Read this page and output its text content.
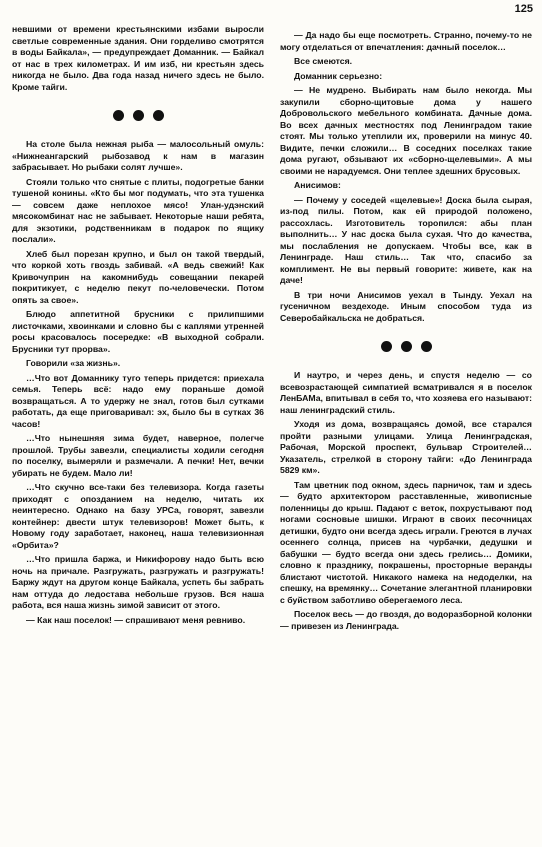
125

невшими от времени крестьянскими избами выросли светлые современные здания. Они горделиво смотрятся в воды Байкала», — предупреждает Доманник. — Байкал от нас в трех километрах. И им изб, ни крестьян здесь никогда не было. Два года назад ничего здесь не было. Кроме тайги.

На столе была нежная рыба — малосольный омуль: «Нижнеангарский рыбозавод к нам в магазин забрасывает. Но рыбаки солят лучше».

Стояли только что снятые с плиты, подогретые банки тушеной конины. «Кто бы мог подумать, что эта тушенка — совсем даже неплохое мясо! Улан-удэнский мясокомбинат нас не забывает. Некоторые наши ребята, для экзотики, родственникам в подарок по ящику послали».

Хлеб был порезан крупно, и был он такой твердый, что коркой хоть гвоздь забивай. «А ведь свежий! Как Кривочуприн на какомнибудь совещании пекарей покритикует, с неделю пекут по-человечески. Потом опять за свое».

Блюдо аппетитной брусники с прилипшими листочками, хвоинками и словно бы с каплями утренней росы красовалось посередке: «В выходной собрали. Брусники тут прорва».

Говорили «за жизнь».

…Что вот Доманнику туго теперь придется: приехала семья. Теперь всё: надо ему пораньше домой возвращаться. А то удержу не знал, готов был сутками работать, да еще приговаривал: эх, было бы в сутках 36 часов!

…Что нынешняя зима будет, наверное, полегче прошлой. Трубы завезли, специалисты ходили сегодня по поселку, вымеряли и размечали. А печки! Нет, вечки убирать не будем. Мало ли!

…Что скучно все-таки без телевизора. Когда газеты приходят с опозданием на неделю, читать их неинтересно. Однако на базу УРСа, говорят, завезли контейнер: двести штук телевизоров! Может быть, к Новому году заработает, наконец, наша телевизионная «Орбита»?

…Что пришла баржа, и Никифорову надо быть всю ночь на причале. Разгружать, разгружать и разгружать! Баржу ждут на другом конце Байкала, успеть бы забрать нам оттуда до ледостава небольше грузов. Вся наша работа, вся наша жизнь зимой зависит от этого.

— Как наш поселок! — спрашивают меня ревниво.

— Да надо бы еще посмотреть. Странно, почему-то не могу отделаться от впечатления: дачный поселок…

Все смеются.

Доманник серьезно:

— Не мудрено. Выбирать нам было некогда. Мы закупили сборно-щитовые дома у нашего Добровольского мебельного комбината. Дачные дома. Во всех дачных местностях под Ленинградом такие стоят. Мы только утеплили их, проверили на минус 40. Видите, печки сложили… В соседних поселках такие дома ругают, обзывают их «сборно-щелевыми». А мы своими не нарадуемся. Они теплее здешних брусовых.

Анисимов:

— Почему у соседей «щелевые»! Доска была сырая, из-под пилы. Потом, как ей природой положено, рассохлась. Изготовитель торопился: абы план выполнить… У нас доска была сухая. Что до качества, мы послабления не допускаем. Чтобы все, как в Ленинграде. Наш стиль… Так что, спасибо за комплимент. Не вы первый говорите: живете, как на даче!

В три ночи Анисимов уехал в Тынду. Уехал на гусеничном вездеходе. Иным способом туда из Северобайкальска не добраться.

И наутро, и через день, и спустя неделю — со всевозрастающей симпатией всматривался я в поселок ЛенБАМа, впитывал в себя то, что хозяева его называют: наш ленинградский стиль.

Уходя из дома, возвращаясь домой, все старался пройти разными улицами. Улица Ленинградская, Рабочая, Морской проспект, бульвар Строителей… Указатель, стрелкой в сторону тайги: «До Ленинграда 5829 км».

Там цветник под окном, здесь парничок, там и здесь — будто архитектором расставленные, живописные поленницы до крыш. Падают с веток, похрустывают под ногами сосновые шишки. Играют в своих песочницах детишки, будто они всегда здесь играли. Греются в лучах осеннего солнца, присев на чурбачки, дедушки и бабушки — будто всегда они здесь грелись… Домики, словно к празднику, покрашены, просторные веранды блистают чистотой. Никакого намека на недоделки, на спешку, на времянку… Сочетание элегантной планировки с буйством заботливо оберегаемого леса.

Поселок весь — до гвоздя, до водоразборной колонки — привезен из Ленинграда.
